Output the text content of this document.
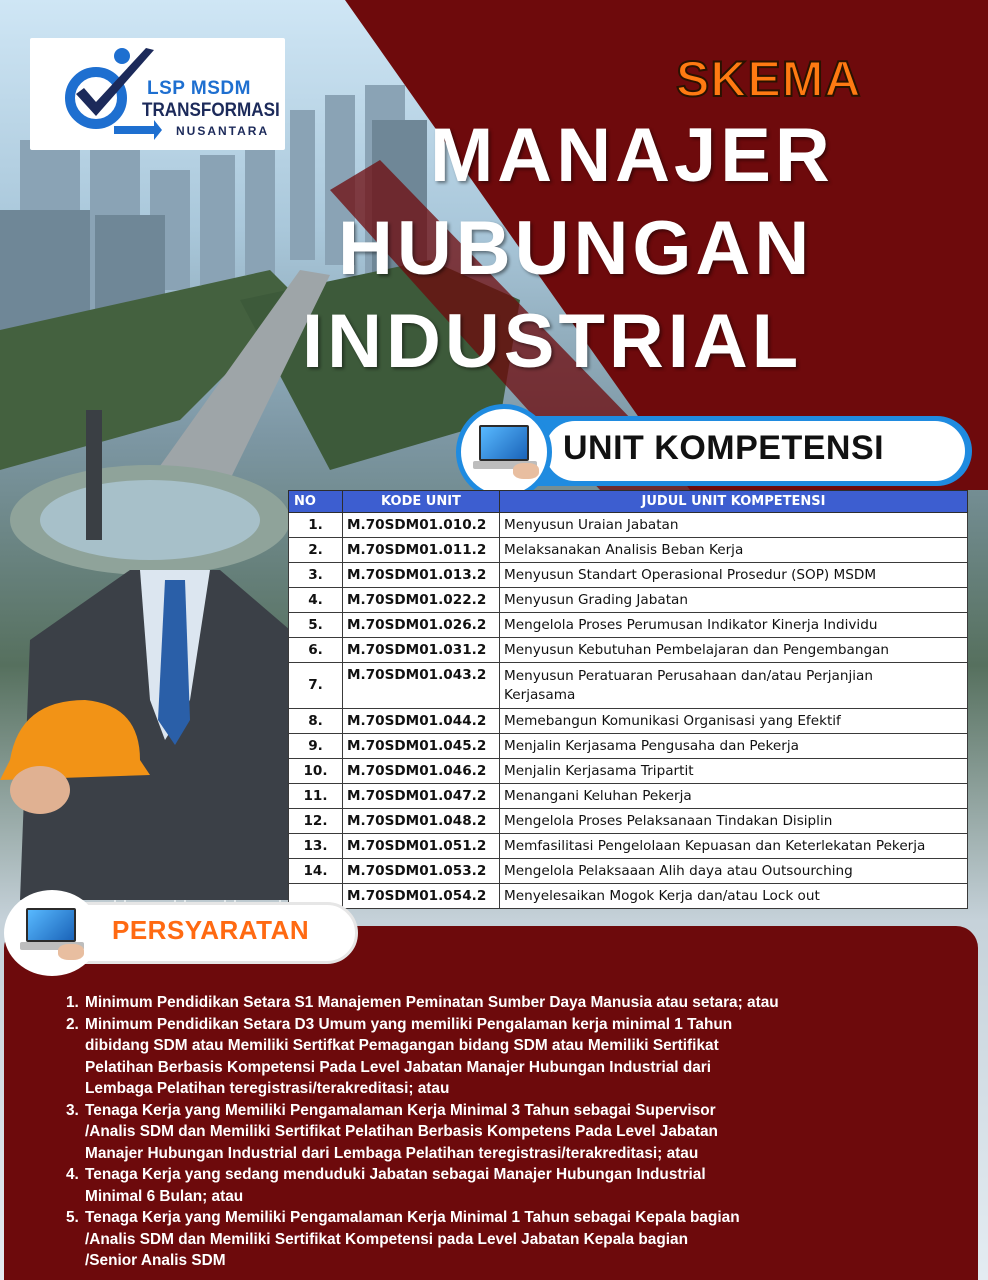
LSP MSDM
TRANSFORMASI
NUSANTARA
SKEMA
MANAJER
HUBUNGAN
INDUSTRIAL
UNIT KOMPETENSI
NO	KODE UNIT	JUDUL UNIT KOMPETENSI
1.	M.70SDM01.010.2	Menyusun Uraian Jabatan
2.	M.70SDM01.011.2	Melaksanakan Analisis Beban Kerja
3.	M.70SDM01.013.2	Menyusun Standart Operasional Prosedur (SOP) MSDM
4.	M.70SDM01.022.2	Menyusun Grading Jabatan
5.	M.70SDM01.026.2	Mengelola Proses Perumusan Indikator Kinerja Individu
6.	M.70SDM01.031.2	Menyusun Kebutuhan Pembelajaran dan Pengembangan
7.	M.70SDM01.043.2	Menyusun Peratuaran Perusahaan dan/atau Perjanjian
Kerjasama

8.	M.70SDM01.044.2	Memebangun Komunikasi Organisasi yang Efektif
9.	M.70SDM01.045.2	Menjalin Kerjasama Pengusaha dan Pekerja
10.	M.70SDM01.046.2	Menjalin Kerjasama Tripartit
11.	M.70SDM01.047.2	Menangani Keluhan Pekerja
12.	M.70SDM01.048.2	Mengelola Proses Pelaksanaan Tindakan Disiplin
13.	M.70SDM01.051.2	Memfasilitasi Pengelolaan Kepuasan dan Keterlekatan Pekerja
14.	M.70SDM01.053.2	Mengelola Pelaksaaan Alih daya atau Outsourching
	M.70SDM01.054.2	Menyelesaikan Mogok Kerja dan/atau Lock out
PERSYARATAN
1. Minimum Pendidikan Setara S1 Manajemen Peminatan Sumber Daya Manusia atau setara; atau
2. Minimum Pendidikan Setara D3 Umum yang memiliki Pengalaman kerja minimal 1 Tahun
dibidang SDM atau Memiliki Sertifkat Pemagangan bidang SDM atau Memiliki Sertifikat
Pelatihan Berbasis Kompetensi Pada Level Jabatan Manajer Hubungan Industrial dari
Lembaga Pelatihan teregistrasi/terakreditasi; atau
3. Tenaga Kerja yang Memiliki Pengamalaman Kerja Minimal 3 Tahun sebagai Supervisor
/Analis SDM dan Memiliki Sertifikat Pelatihan Berbasis Kompetens Pada Level Jabatan
Manajer Hubungan Industrial dari Lembaga Pelatihan teregistrasi/terakreditasi; atau
4. Tenaga Kerja yang sedang menduduki Jabatan sebagai Manajer Hubungan Industrial
Minimal 6 Bulan; atau
5. Tenaga Kerja yang Memiliki Pengamalaman Kerja Minimal 1 Tahun sebagai Kepala bagian
/Analis SDM dan Memiliki Sertifikat Kompetensi pada Level Jabatan Kepala bagian
/Senior Analis SDM
